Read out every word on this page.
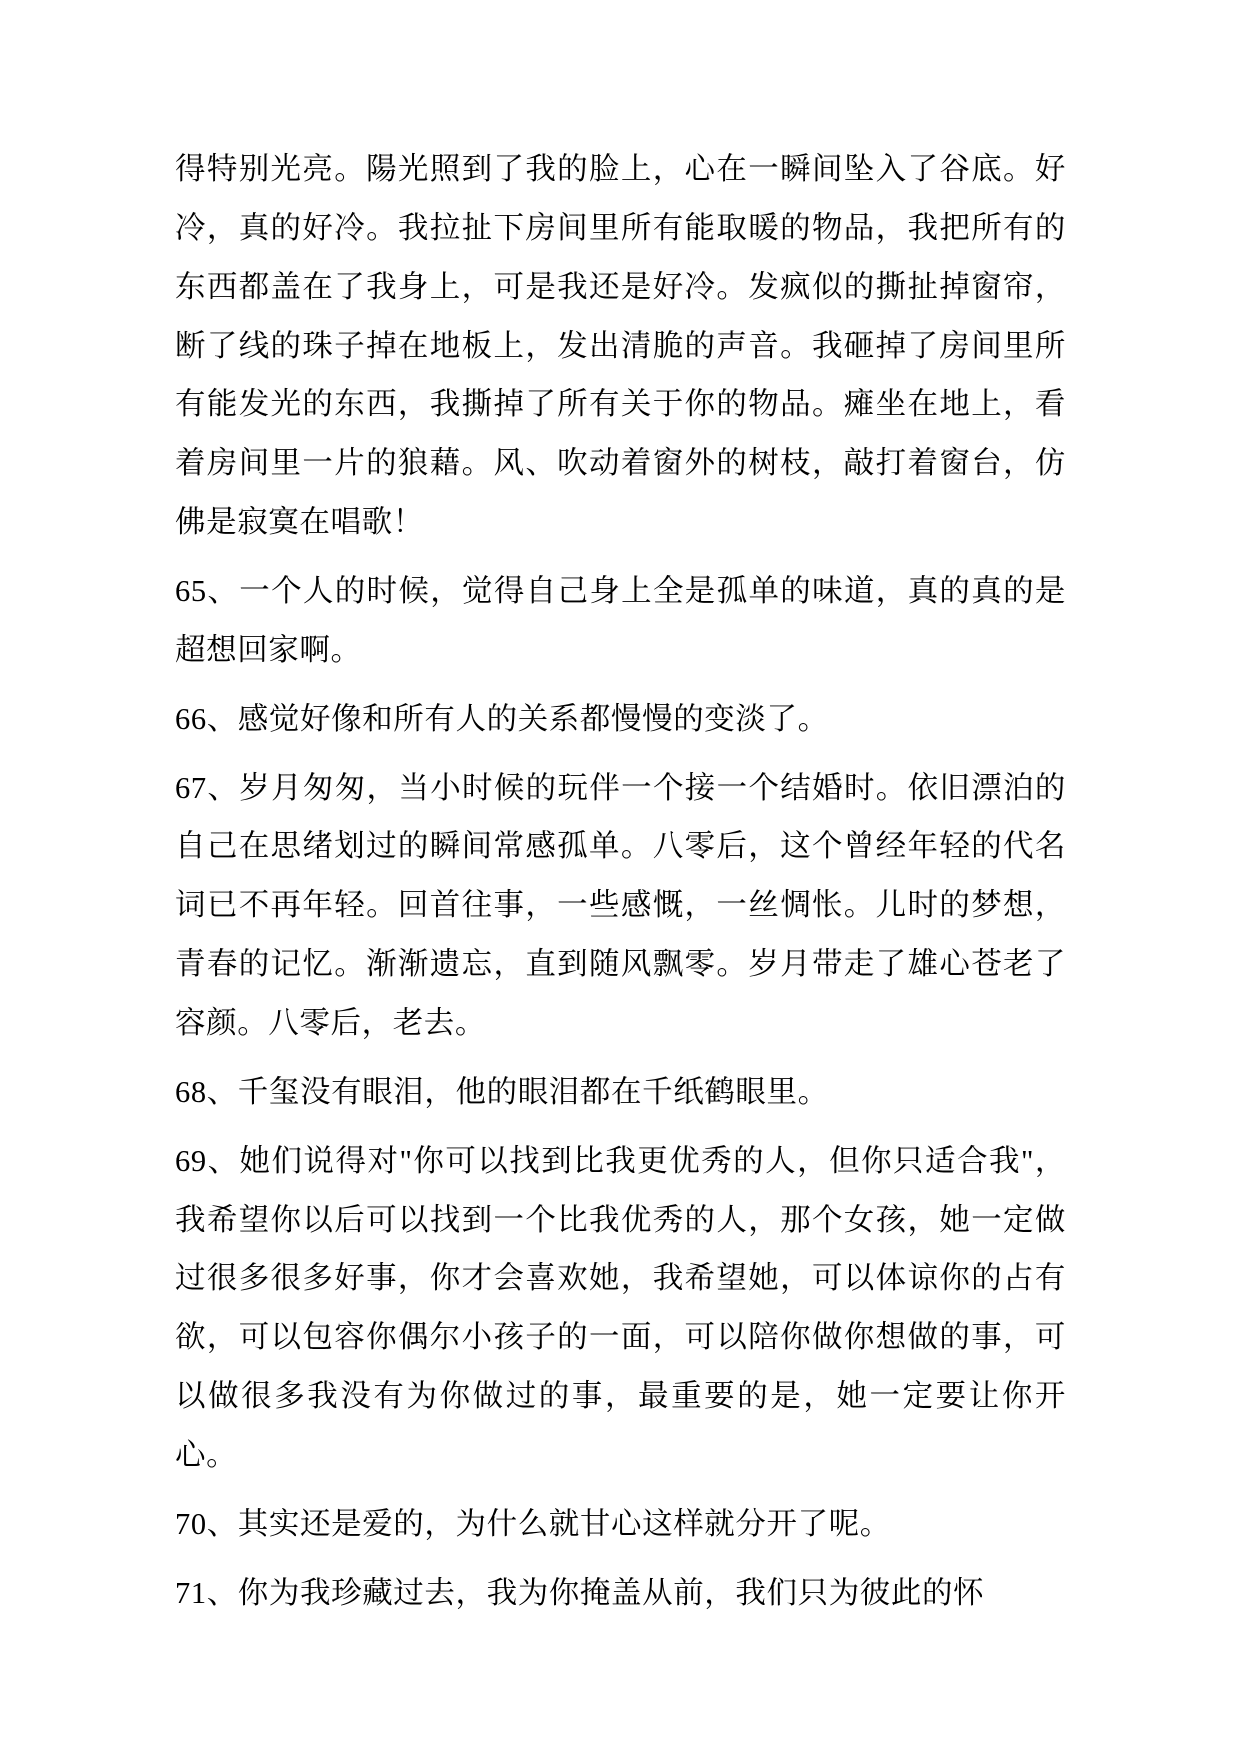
得特别光亮。陽光照到了我的脸上，心在一瞬间坠入了谷底。好冷，真的好冷。我拉扯下房间里所有能取暖的物品，我把所有的东西都盖在了我身上，可是我还是好冷。发疯似的撕扯掉窗帘，断了线的珠子掉在地板上，发出清脆的声音。我砸掉了房间里所有能发光的东西，我撕掉了所有关于你的物品。瘫坐在地上，看着房间里一片的狼藉。风、吹动着窗外的树枝，敲打着窗台，仿佛是寂寞在唱歌！

65、一个人的时候，觉得自己身上全是孤单的味道，真的真的是超想回家啊。

66、感觉好像和所有人的关系都慢慢的变淡了。

67、岁月匆匆，当小时候的玩伴一个接一个结婚时。依旧漂泊的自己在思绪划过的瞬间常感孤单。八零后，这个曾经年轻的代名词已不再年轻。回首往事，一些感慨，一丝惆怅。儿时的梦想，青春的记忆。渐渐遗忘，直到随风飘零。岁月带走了雄心苍老了容颜。八零后，老去。

68、千玺没有眼泪，他的眼泪都在千纸鹤眼里。

69、她们说得对"你可以找到比我更优秀的人，但你只适合我"，我希望你以后可以找到一个比我优秀的人，那个女孩，她一定做过很多很多好事，你才会喜欢她，我希望她，可以体谅你的占有欲，可以包容你偶尔小孩子的一面，可以陪你做你想做的事，可以做很多我没有为你做过的事，最重要的是，她一定要让你开心。

70、其实还是爱的，为什么就甘心这样就分开了呢。

71、你为我珍藏过去，我为你掩盖从前，我们只为彼此的怀
